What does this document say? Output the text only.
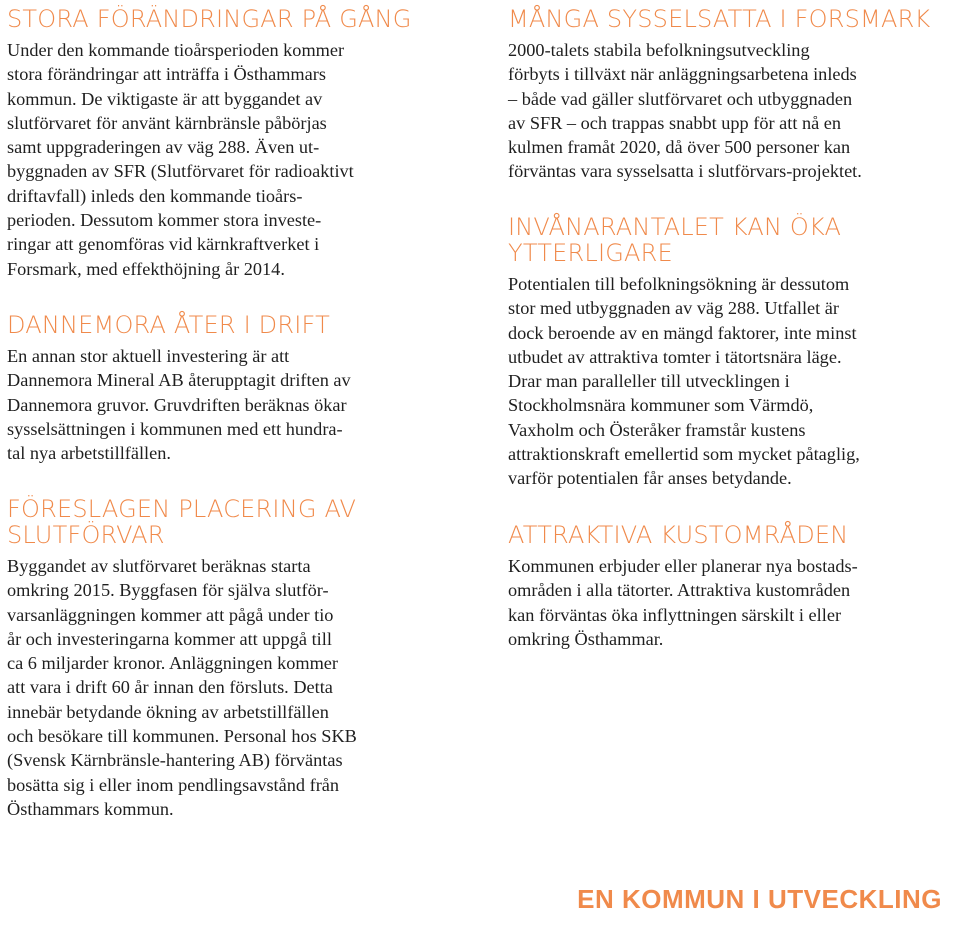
STORA FÖRÄNDRINGAR PÅ GÅNG
Under den kommande tioårsperioden kommer
stora förändringar att inträffa i Östhammars
kommun. De viktigaste är att byggandet av
slutförvaret för använt kärnbränsle påbörjas
samt uppgraderingen av väg 288. Även ut-
byggnaden av SFR (Slutförvaret för radioaktivt
driftavfall) inleds den kommande tioårs-
perioden. Dessutom kommer stora investe-
ringar att genomföras vid kärnkraftverket i
Forsmark, med effekthöjning år 2014.
DANNEMORA ÅTER I DRIFT
En annan stor aktuell investering är att
Dannemora Mineral AB återupptagit driften av
Dannemora gruvor. Gruvdriften beräknas ökar
sysselsättningen i kommunen med ett hundra-
tal nya arbetstillfällen.
FÖRESLAGEN PLACERING AV
SLUTFÖRVAR
Byggandet av slutförvaret beräknas starta
omkring 2015. Byggfasen för själva slutför-
varsanläggningen kommer att pågå under tio
år och investeringarna kommer att uppgå till
ca 6 miljarder kronor. Anläggningen kommer
att vara i drift 60 år innan den försluts. Detta
innebär betydande ökning av arbetstillfällen
och besökare till kommunen. Personal hos SKB
(Svensk Kärnbränsle-hantering AB) förväntas
bosätta sig i eller inom pendlingsavstånd från
Östhammars kommun.
MÅNGA SYSSELSATTA I FORSMARK
2000-talets stabila befolkningsutveckling
förbyts i tillväxt när anläggningsarbetena inleds
– både vad gäller slutförvaret och utbyggnaden
av SFR – och trappas snabbt upp för att nå en
kulmen framåt 2020, då över 500 personer kan
förväntas vara sysselsatta i slutförvars-projektet.
INVÅNARANTALET KAN ÖKA
YTTERLIGARE
Potentialen till befolkningsökning är dessutom
stor med utbyggnaden av väg 288. Utfallet är
dock beroende av en mängd faktorer, inte minst
utbudet av attraktiva tomter i tätortsnära läge.
Drar man paralleller till utvecklingen i
Stockholmsnära kommuner som Värmdö,
Vaxholm och Österåker framstår kustens
attraktionskraft emellertid som mycket påtaglig,
varför potentialen får anses betydande.
ATTRAKTIVA KUSTOMRÅDEN
Kommunen erbjuder eller planerar nya bostads-
områden i alla tätorter. Attraktiva kustområden
kan förväntas öka inflyttningen särskilt i eller
omkring Östhammar.
EN KOMMUN I UTVECKLING
